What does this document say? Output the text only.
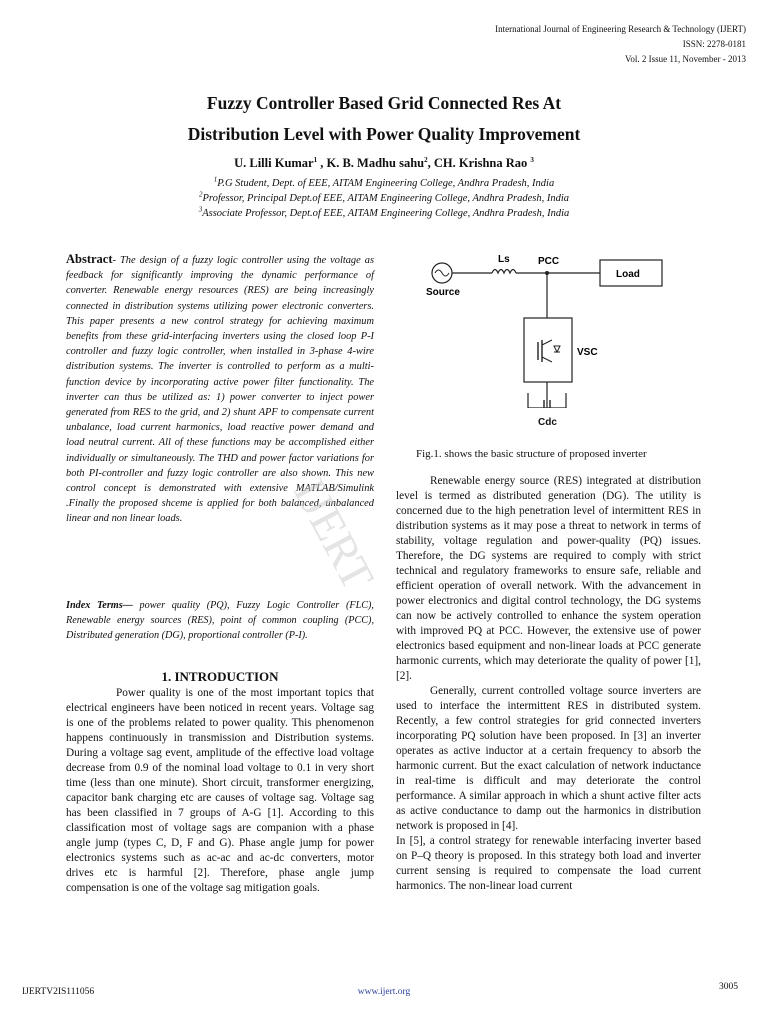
International Journal of Engineering Research & Technology (IJERT)
ISSN: 2278-0181
Vol. 2 Issue 11, November - 2013
Fuzzy Controller Based Grid Connected Res At
Distribution Level with Power Quality Improvement
U. Lilli Kumar$^1$ , K. B. Madhu sahu$^2$, CH. Krishna Rao $^3$
$^1$P.G Student, Dept. of EEE, AITAM Engineering College, Andhra Pradesh, India
$^2$Professor, Principal Dept.of EEE, AITAM Engineering College, Andhra Pradesh, India
$^3$Associate Professor, Dept.of EEE, AITAM Engineering College, Andhra Pradesh, India

Abstract- The design of a fuzzy logic controller using the voltage as feedback for significantly improving the dynamic performance of converter. Renewable energy resources (RES) are being increasingly connected in distribution systems utilizing power electronic converters. This paper presents a new control strategy for achieving maximum benefits from these grid-interfacing inverters using the closed loop P-I controller and fuzzy logic controller, when installed in 3-phase 4-wire distribution systems. The inverter is controlled to perform as a multi-function device by incorporating active power filter functionality. The inverter can thus be utilized as: 1) power converter to inject power generated from RES to the grid, and 2) shunt APF to compensate current unbalance, load current harmonics, load reactive power demand and load neutral current. All of these functions may be accomplished either individually or simultaneously. The THD and power factor variations for both PI-controller and fuzzy logic controller are also shown. This new control concept is demonstrated with extensive MATLAB/Simulink .Finally the proposed shceme is applied for both balanced, unbalanced linear and non linear loads.

Index Terms— power quality (PQ), Fuzzy Logic Controller (FLC), Renewable energy sources (RES), point of common coupling (PCC), Distributed generation (DG), proportional controller (P-I).

1. INTRODUCTION

Power quality is one of the most important topics that electrical engineers have been noticed in recent years. Voltage sag is one of the problems related to power quality. This phenomenon happens continuously in transmission and Distribution systems. During a voltage sag event, amplitude of the effective load voltage decrease from 0.9 of the nominal load voltage to 0.1 in very short time (less than one minute). Short circuit, transformer energizing, capacitor bank charging etc are causes of voltage sag. Voltage sag has been classified in 7 groups of A-G [1]. According to this classification most of voltage sags are companion with a phase angle jump (types C, D, F and G). Phase angle jump for power electronics systems such as ac-ac and ac-dc converters, motor drives etc is harmful [2]. Therefore, phase angle jump compensation is one of the voltage sag mitigation goals.

Source
Ls	PCC
Load
VSC
Cdc
Fig.1. shows the basic structure of proposed inverter

Renewable energy source (RES) integrated at distribution level is termed as distributed generation (DG). The utility is concerned due to the high penetration level of intermittent RES in distribution systems as it may pose a threat to network in terms of stability, voltage regulation and power-quality (PQ) issues. Therefore, the DG systems are required to comply with strict technical and regulatory frameworks to ensure safe, reliable and efficient operation of overall network. With the advancement in power electronics and digital control technology, the DG systems can now be actively controlled to enhance the system operation with improved PQ at PCC. However, the extensive use of power electronics based equipment and non-linear loads at PCC generate harmonic currents, which may deteriorate the quality of power [1], [2].

Generally, current controlled voltage source inverters are used to interface the intermittent RES in distributed system. Recently, a few control strategies for grid connected inverters incorporating PQ solution have been proposed. In [3] an inverter operates as active inductor at a certain frequency to absorb the harmonic current. But the exact calculation of network inductance in real-time is difficult and may deteriorate the control performance. A similar approach in which a shunt active filter acts as active conductance to damp out the harmonics in distribution network is proposed in [4].

In [5], a control strategy for renewable interfacing inverter based on P–Q theory is proposed. In this strategy both load and inverter current sensing is required to compensate the load current harmonics. The non-linear load current

IJERT
IJERTV2IS111056	www.ijert.org	3005
